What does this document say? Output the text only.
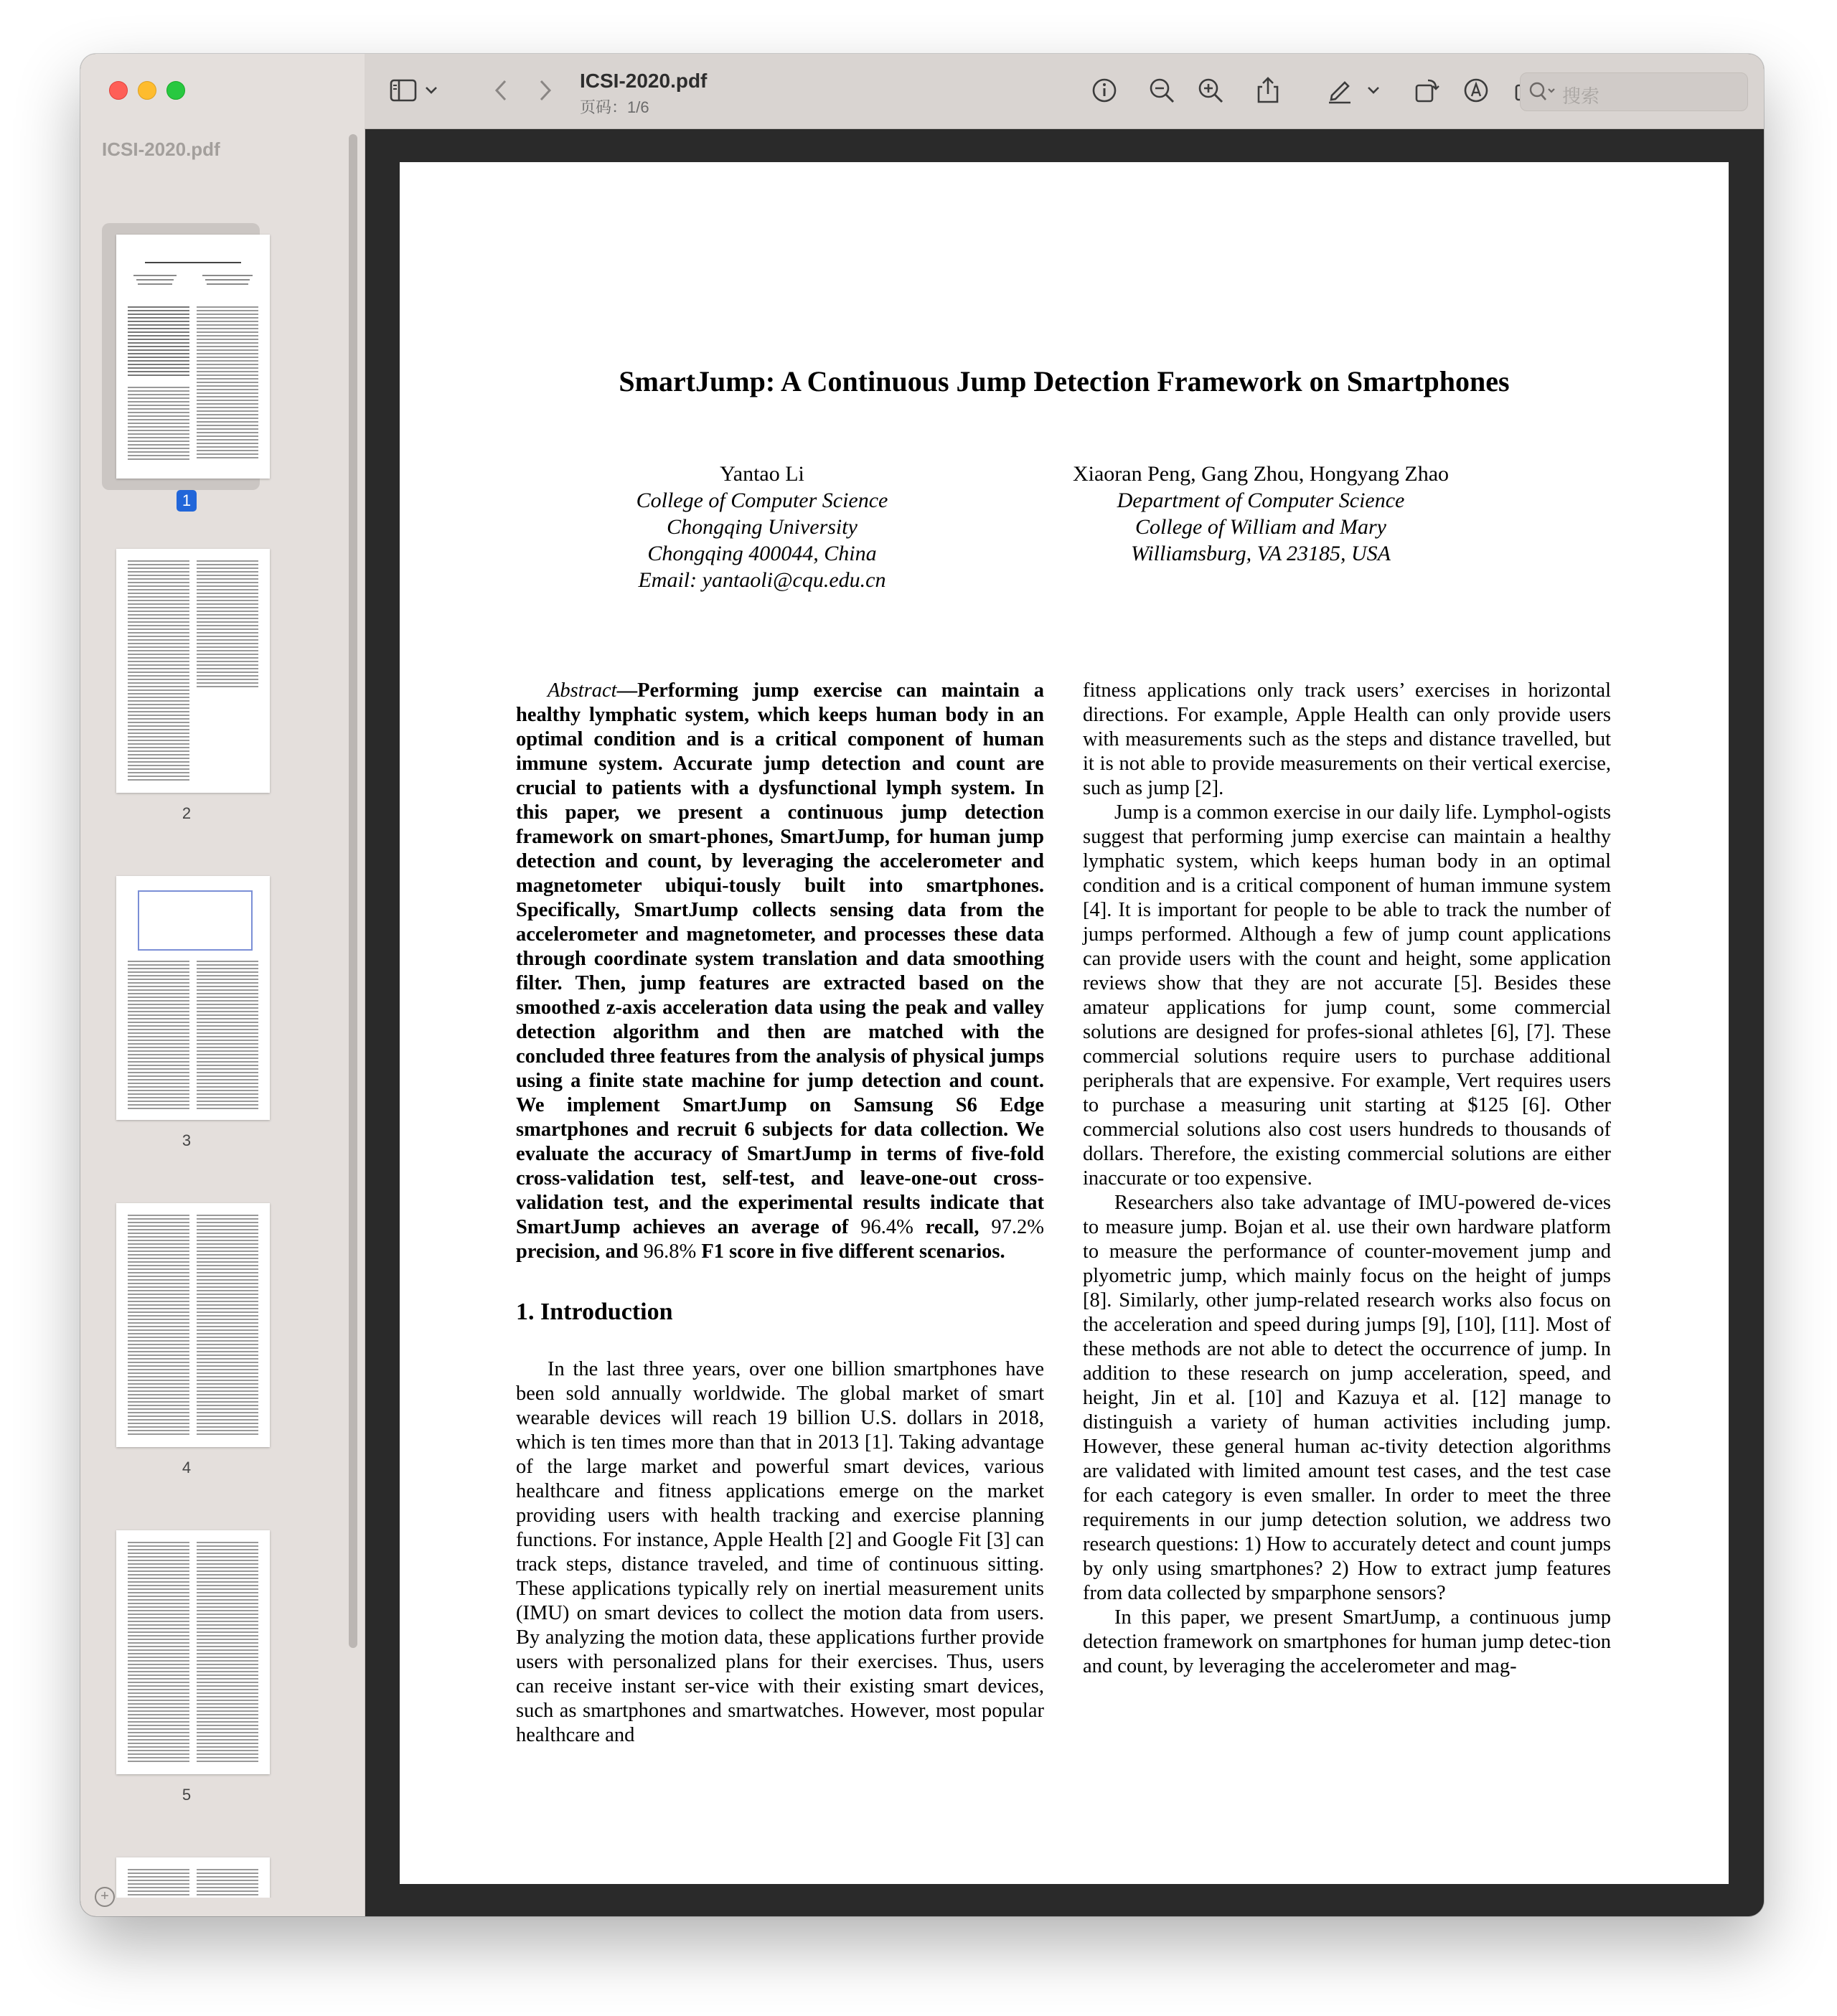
ICSI-2020.pdf
1
2
3
4
5
+
ICSI-2020.pdf
页码：1/6
搜索
SmartJump: A Continuous Jump Detection Framework on Smartphones
Yantao Li
College of Computer Science
Chongqing University
Chongqing 400044, China
Email: yantaoli@cqu.edu.cn
Xiaoran Peng, Gang Zhou, Hongyang Zhao
Department of Computer Science
College of William and Mary
Williamsburg, VA 23185, USA

Abstract—Performing jump exercise can maintain a healthy lymphatic system, which keeps human body in an optimal condition and is a critical component of human immune system. Accurate jump detection and count are crucial to patients with a dysfunctional lymph system. In this paper, we present a continuous jump detection framework on smart-phones, SmartJump, for human jump detection and count, by leveraging the accelerometer and magnetometer ubiqui-tously built into smartphones. Specifically, SmartJump collects sensing data from the accelerometer and magnetometer, and processes these data through coordinate system translation and data smoothing filter. Then, jump features are extracted based on the smoothed z-axis acceleration data using the peak and valley detection algorithm and then are matched with the concluded three features from the analysis of physical jumps using a finite state machine for jump detection and count. We implement SmartJump on Samsung S6 Edge smartphones and recruit 6 subjects for data collection. We evaluate the accuracy of SmartJump in terms of five-fold cross-validation test, self-test, and leave-one-out cross-validation test, and the experimental results indicate that SmartJump achieves an average of 96.4% recall, 97.2% precision, and 96.8% F1 score in five different scenarios.

1. Introduction

In the last three years, over one billion smartphones have been sold annually worldwide. The global market of smart wearable devices will reach 19 billion U.S. dollars in 2018, which is ten times more than that in 2013 [1]. Taking advantage of the large market and powerful smart devices, various healthcare and fitness applications emerge on the market providing users with health tracking and exercise planning functions. For instance, Apple Health [2] and Google Fit [3] can track steps, distance traveled, and time of continuous sitting. These applications typically rely on inertial measurement units (IMU) on smart devices to collect the motion data from users. By analyzing the motion data, these applications further provide users with personalized plans for their exercises. Thus, users can receive instant ser-vice with their existing smart devices, such as smartphones and smartwatches. However, most popular healthcare and

fitness applications only track users’ exercises in horizontal directions. For example, Apple Health can only provide users with measurements such as the steps and distance travelled, but it is not able to provide measurements on their vertical exercise, such as jump [2].

Jump is a common exercise in our daily life. Lymphol-ogists suggest that performing jump exercise can maintain a healthy lymphatic system, which keeps human body in an optimal condition and is a critical component of human immune system [4]. It is important for people to be able to track the number of jumps performed. Although a few of jump count applications can provide users with the count and height, some application reviews show that they are not accurate [5]. Besides these amateur applications for jump count, some commercial solutions are designed for profes-sional athletes [6], [7]. These commercial solutions require users to purchase additional peripherals that are expensive. For example, Vert requires users to purchase a measuring unit starting at $125 [6]. Other commercial solutions also cost users hundreds to thousands of dollars. Therefore, the existing commercial solutions are either inaccurate or too expensive.

Researchers also take advantage of IMU-powered de-vices to measure jump. Bojan et al. use their own hardware platform to measure the performance of counter-movement jump and plyometric jump, which mainly focus on the height of jumps [8]. Similarly, other jump-related research works also focus on the acceleration and speed during jumps [9], [10], [11]. Most of these methods are not able to detect the occurrence of jump. In addition to these research on jump acceleration, speed, and height, Jin et al. [10] and Kazuya et al. [12] manage to distinguish a variety of human activities including jump. However, these general human ac-tivity detection algorithms are validated with limited amount test cases, and the test case for each category is even smaller. In order to meet the three requirements in our jump detection solution, we address two research questions: 1) How to accurately detect and count jumps by only using smartphones? 2) How to extract jump features from data collected by smparphone sensors?

In this paper, we present SmartJump, a continuous jump detection framework on smartphones for human jump detec-tion and count, by leveraging the accelerometer and mag-
